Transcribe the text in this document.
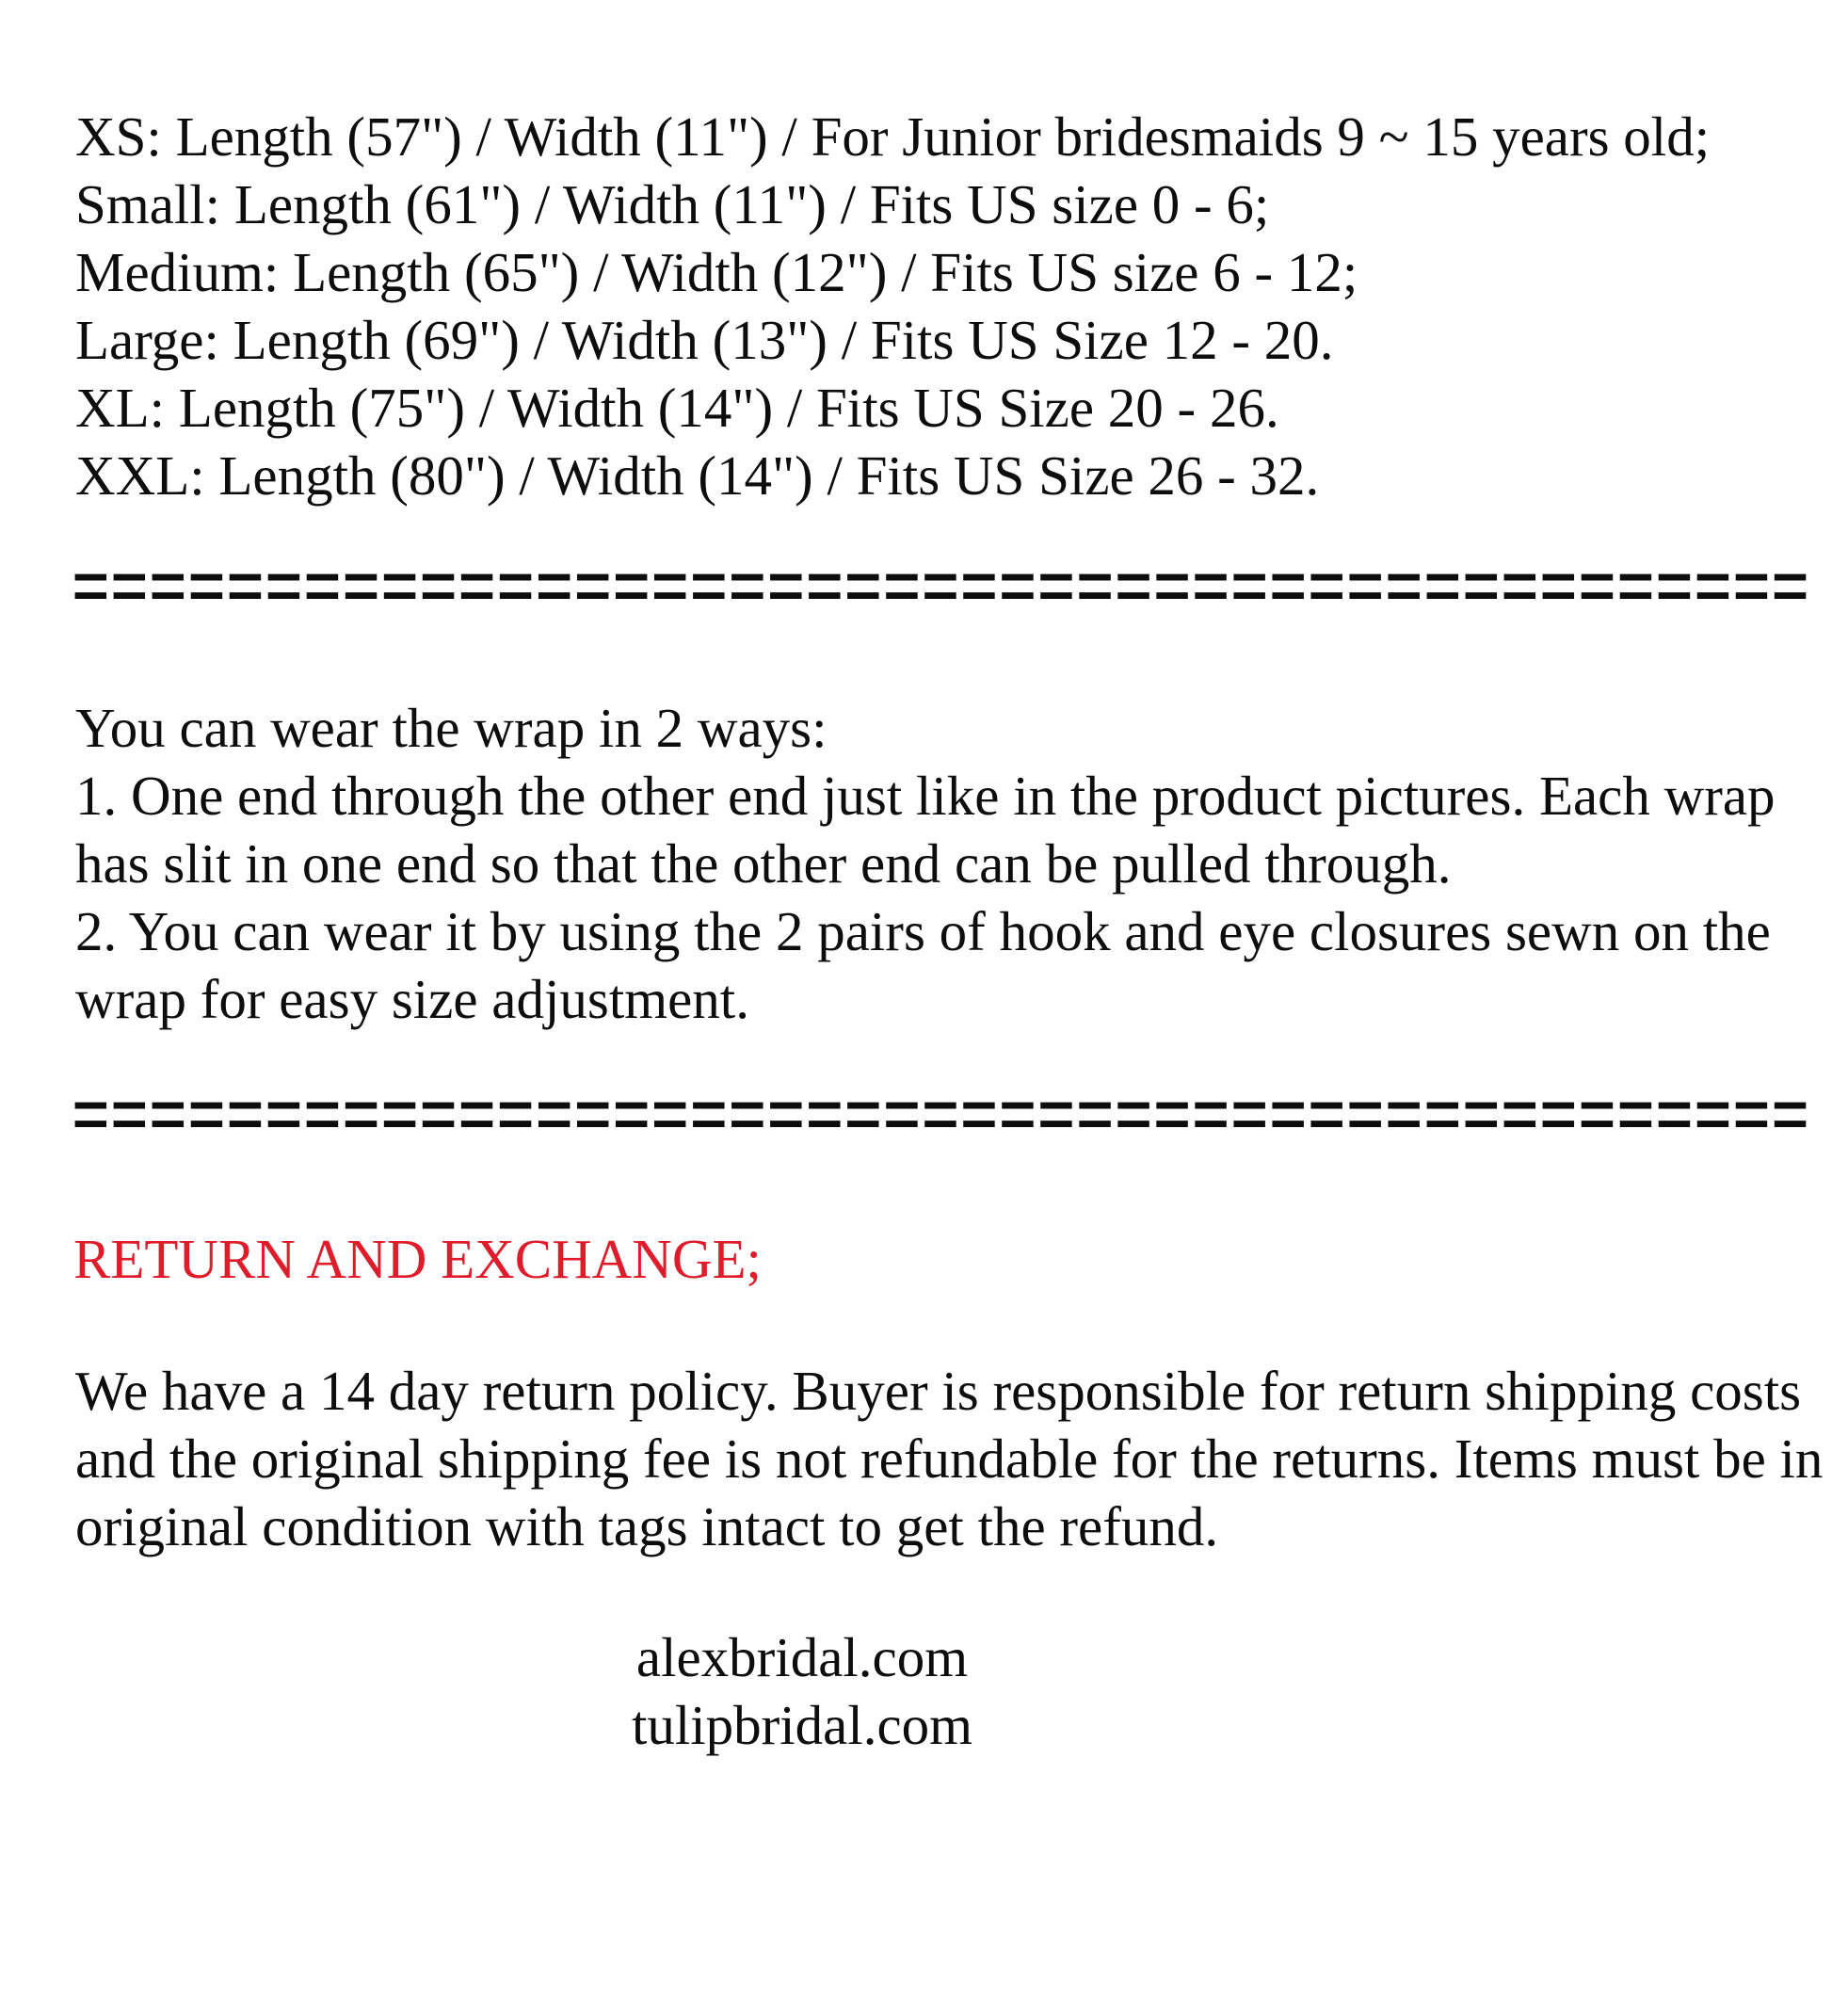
XS: Length (57") / Width (11") / For Junior bridesmaids 9 ~ 15 years old;
Small: Length (61") / Width (11") / Fits US size 0 - 6;
Medium: Length (65") / Width (12") / Fits US size 6 - 12;
Large: Length (69") / Width (13") / Fits US Size 12 - 20.
XL: Length (75") / Width (14") / Fits US Size 20 - 26.
XXL: Length (80") / Width (14") / Fits US Size 26 - 32.
=============================================
You can wear the wrap in 2 ways:
1. One end through the other end just like in the product pictures. Each wrap
has slit in one end so that the other end can be pulled through.
2. You can wear it by using the 2 pairs of hook and eye closures sewn on the
wrap for easy size adjustment.
=============================================
RETURN AND EXCHANGE;
We have a 14 day return policy. Buyer is responsible for return shipping costs
and the original shipping fee is not refundable for the returns. Items must be in
original condition with tags intact to get the refund.
alexbridal.com
tulipbridal.com
